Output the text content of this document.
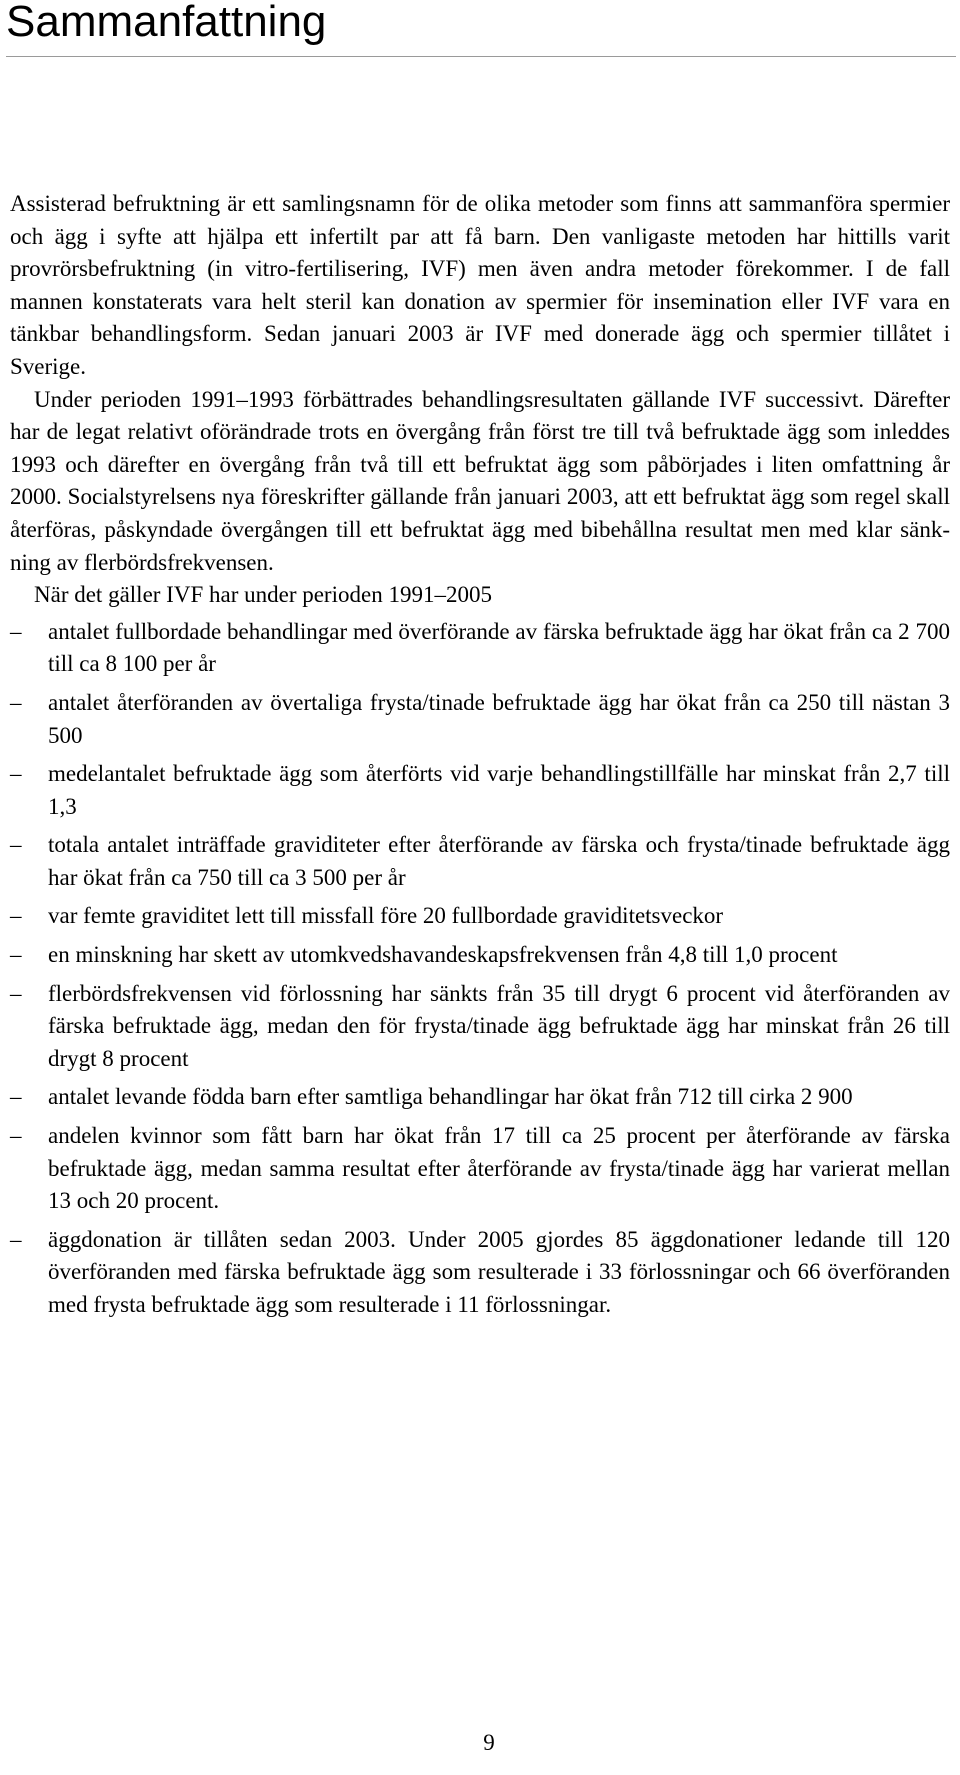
Sammanfattning

Assisterad befruktning är ett samlingsnamn för de olika metoder som finns att sammanföra spermier och ägg i syfte att hjälpa ett infertilt par att få barn. Den vanligaste metoden har hittills varit provrörsbefruktning (in vitro-fertilisering, IVF) men även andra metoder förekommer. I de fall mannen konstaterats vara helt steril kan donation av spermier för insemination eller IVF vara en tänkbar behandlingsform. Sedan januari 2003 är IVF med donerade ägg och spermier tillåtet i Sverige.

Under perioden 1991–1993 förbättrades behandlingsresultaten gällande IVF successivt. Därefter har de legat relativt oförändrade trots en övergång från först tre till två befruktade ägg som inleddes 1993 och därefter en övergång från två till ett befruktat ägg som påbörjades i liten omfattning år 2000. Socialstyrelsens nya föreskrifter gällande från januari 2003, att ett befruktat ägg som regel skall återföras, påskyndade övergången till ett befruktat ägg med bibehållna resultat men med klar sänkning av flerbördsfrekvensen.

När det gäller IVF har under perioden 1991–2005

–	antalet fullbordade behandlingar med överförande av färska befruktade ägg har ökat från ca 2 700 till ca 8 100 per år
–	antalet återföranden av övertaliga frysta/tinade befruktade ägg har ökat från ca 250 till nästan 3 500
–	medelantalet befruktade ägg som återförts vid varje behandlingstillfälle har minskat från 2,7 till 1,3
–	totala antalet inträffade graviditeter efter återförande av färska och frysta/tinade befruktade ägg har ökat från ca 750 till ca 3 500 per år
–	var femte graviditet lett till missfall före 20 fullbordade graviditetsveckor
–	en minskning har skett av utomkvedshavandeskapsfrekvensen från 4,8 till 1,0 procent
–	flerbördsfrekvensen vid förlossning har sänkts från 35 till drygt 6 procent vid återföranden av färska befruktade ägg, medan den för frysta/tinade ägg befruktade ägg har minskat från 26 till drygt 8 procent
–	antalet levande födda barn efter samtliga behandlingar har ökat från 712 till cirka 2 900
–	andelen kvinnor som fått barn har ökat från 17 till ca 25 procent per återförande av färska befruktade ägg, medan samma resultat efter återförande av frysta/tinade ägg har varierat mellan 13 och 20 procent.
–	äggdonation är tillåten sedan 2003. Under 2005 gjordes 85 äggdonationer ledande till 120 överföranden med färska befruktade ägg som resulterade i 33 förlossningar och 66 överföranden med frysta befruktade ägg som resulterade i 11 förlossningar.
9
